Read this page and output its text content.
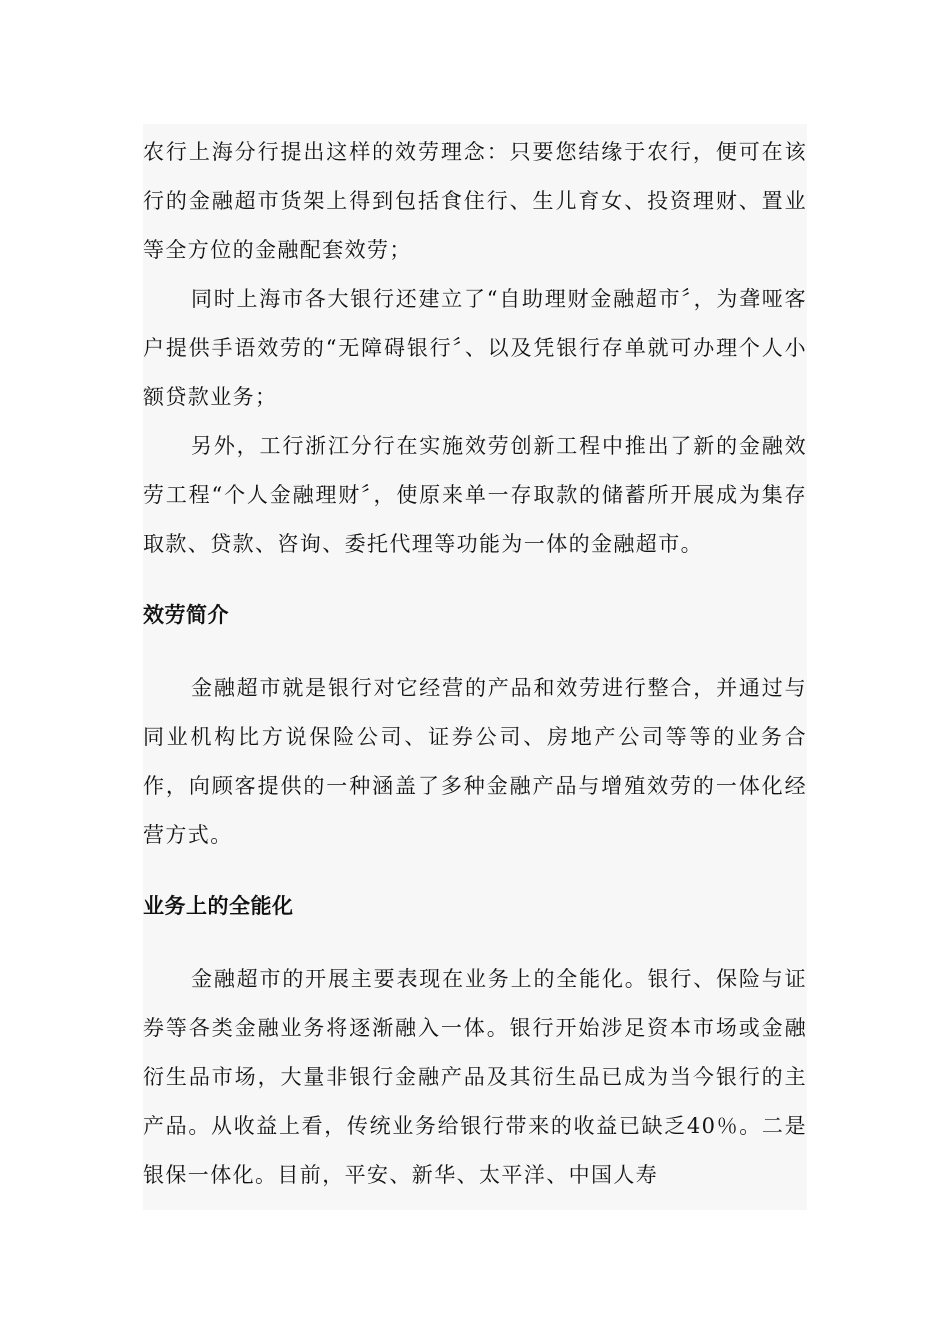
农行上海分行提出这样的效劳理念：只要您结缘于农行，便可在该行的金融超市货架上得到包括食住行、生儿育女、投资理财、置业等全方位的金融配套效劳；

同时上海市各大银行还建立了“自助理财金融超市〞，为聋哑客户提供手语效劳的“无障碍银行〞、以及凭银行存单就可办理个人小额贷款业务；

另外，工行浙江分行在实施效劳创新工程中推出了新的金融效劳工程“个人金融理财〞，使原来单一存取款的储蓄所开展成为集存取款、贷款、咨询、委托代理等功能为一体的金融超市。

效劳简介

金融超市就是银行对它经营的产品和效劳进行整合，并通过与同业机构比方说保险公司、证券公司、房地产公司等等的业务合作，向顾客提供的一种涵盖了多种金融产品与增殖效劳的一体化经营方式。

业务上的全能化

金融超市的开展主要表现在业务上的全能化。银行、保险与证券等各类金融业务将逐渐融入一体。银行开始涉足资本市场或金融衍生品市场，大量非银行金融产品及其衍生品已成为当今银行的主产品。从收益上看，传统业务给银行带来的收益已缺乏40％。二是银保一体化。目前，平安、新华、太平洋、中国人寿
